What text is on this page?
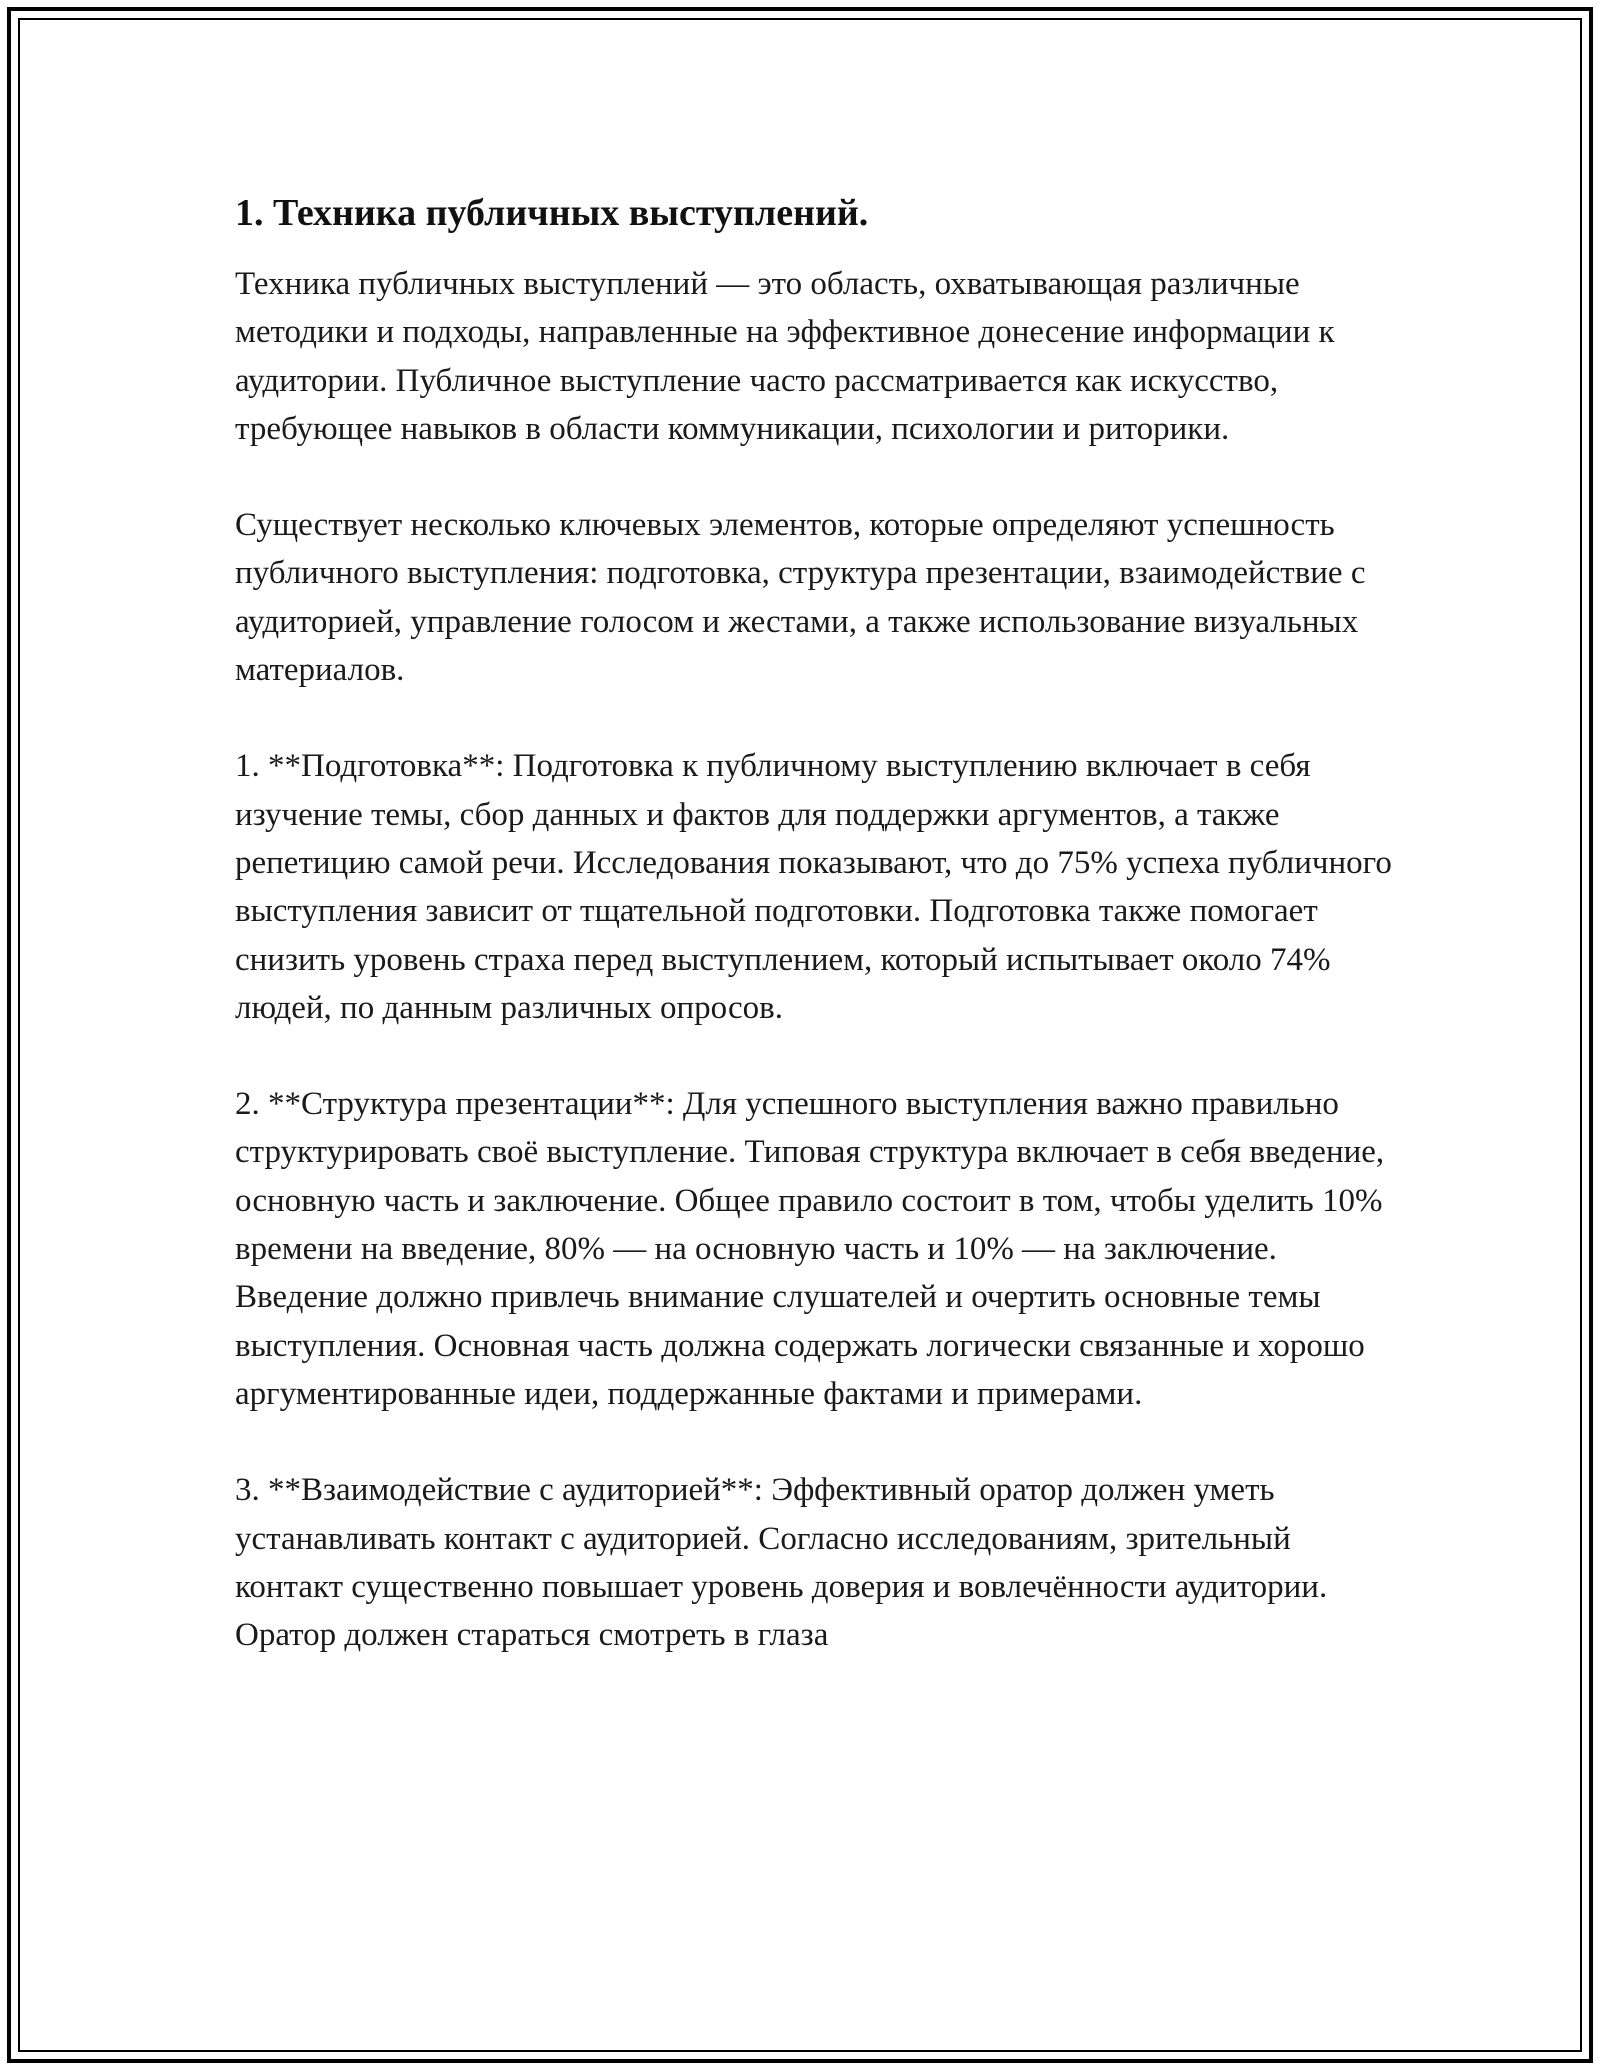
1. Техника публичных выступлений.

Техника публичных выступлений — это область, охватывающая различные методики и подходы, направленные на эффективное донесение информации к аудитории. Публичное выступление часто рассматривается как искусство, требующее навыков в области коммуникации, психологии и риторики.

Существует несколько ключевых элементов, которые определяют успешность публичного выступления: подготовка, структура презентации, взаимодействие с аудиторией, управление голосом и жестами, а также использование визуальных материалов.

1. **Подготовка**: Подготовка к публичному выступлению включает в себя изучение темы, сбор данных и фактов для поддержки аргументов, а также репетицию самой речи. Исследования показывают, что до 75% успеха публичного выступления зависит от тщательной подготовки. Подготовка также помогает снизить уровень страха перед выступлением, который испытывает около 74% людей, по данным различных опросов.

2. **Структура презентации**: Для успешного выступления важно правильно структурировать своё выступление. Типовая структура включает в себя введение, основную часть и заключение. Общее правило состоит в том, чтобы уделить 10% времени на введение, 80% — на основную часть и 10% — на заключение. Введение должно привлечь внимание слушателей и очертить основные темы выступления. Основная часть должна содержать логически связанные и хорошо аргументированные идеи, поддержанные фактами и примерами.

3. **Взаимодействие с аудиторией**: Эффективный оратор должен уметь устанавливать контакт с аудиторией. Согласно исследованиям, зрительный контакт существенно повышает уровень доверия и вовлечённости аудитории. Оратор должен стараться смотреть в глаза
